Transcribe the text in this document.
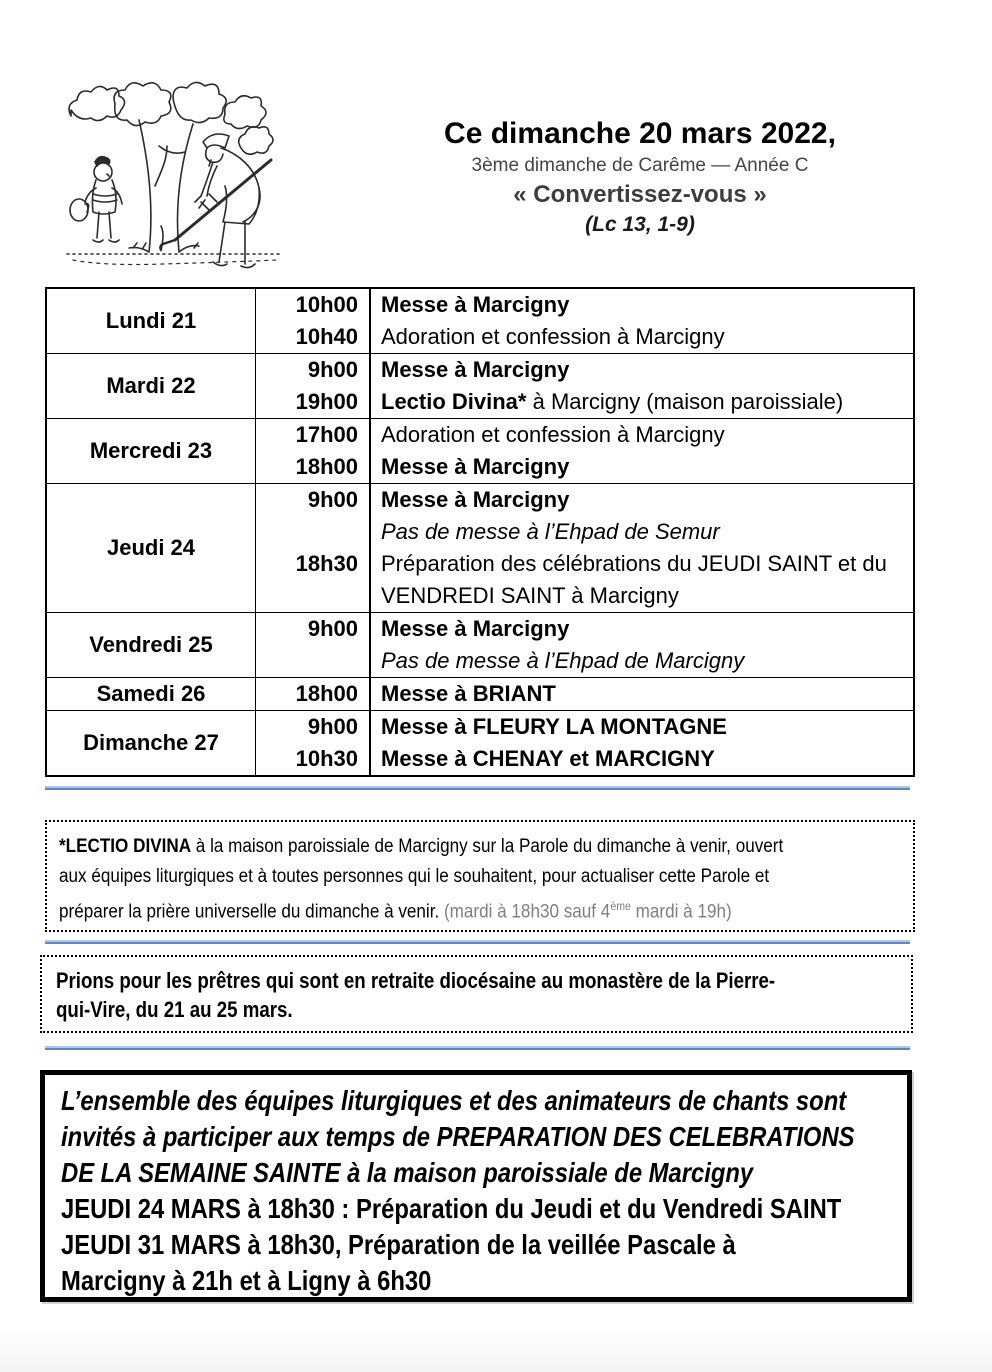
Ce dimanche 20 mars 2022,
3ème dimanche de Carême — Année C
« Convertissez-vous »
(Lc 13, 1-9)
Lundi 21
10h00	Messe à Marcigny
10h40	Adoration et confession à Marcigny
Mardi 22
9h00	Messe à Marcigny
19h00	Lectio Divina* à Marcigny (maison paroissiale)
Mercredi 23
17h00	Adoration et confession à Marcigny
18h00	Messe à Marcigny
Jeudi 24
9h00	Messe à Marcigny
Pas de messe à l’Ehpad de Semur
18h30	Préparation des célébrations du JEUDI SAINT et du VENDREDI SAINT à Marcigny
Vendredi 25
9h00	Messe à Marcigny
Pas de messe à l’Ehpad de Marcigny
Samedi 26	18h00	Messe à BRIANT
Dimanche 27
9h00	Messe à FLEURY LA MONTAGNE
10h30	Messe à CHENAY et MARCIGNY
*LECTIO DIVINA à la maison paroissiale de Marcigny sur la Parole du dimanche à venir, ouvert
aux équipes liturgiques et à toutes personnes qui le souhaitent, pour actualiser cette Parole et
préparer la prière universelle du dimanche à venir. (mardi à 18h30 sauf 4ème mardi à 19h)
Prions pour les prêtres qui sont en retraite diocésaine au monastère de la Pierre-
qui-Vire, du 21 au 25 mars.
L’ensemble des équipes liturgiques et des animateurs de chants sont
invités à participer aux temps de PREPARATION DES CELEBRATIONS
DE LA SEMAINE SAINTE à la maison paroissiale de Marcigny
JEUDI 24 MARS à 18h30 : Préparation du Jeudi et du Vendredi SAINT
JEUDI 31 MARS à 18h30, Préparation de la veillée Pascale à
Marcigny à 21h et à Ligny à 6h30
